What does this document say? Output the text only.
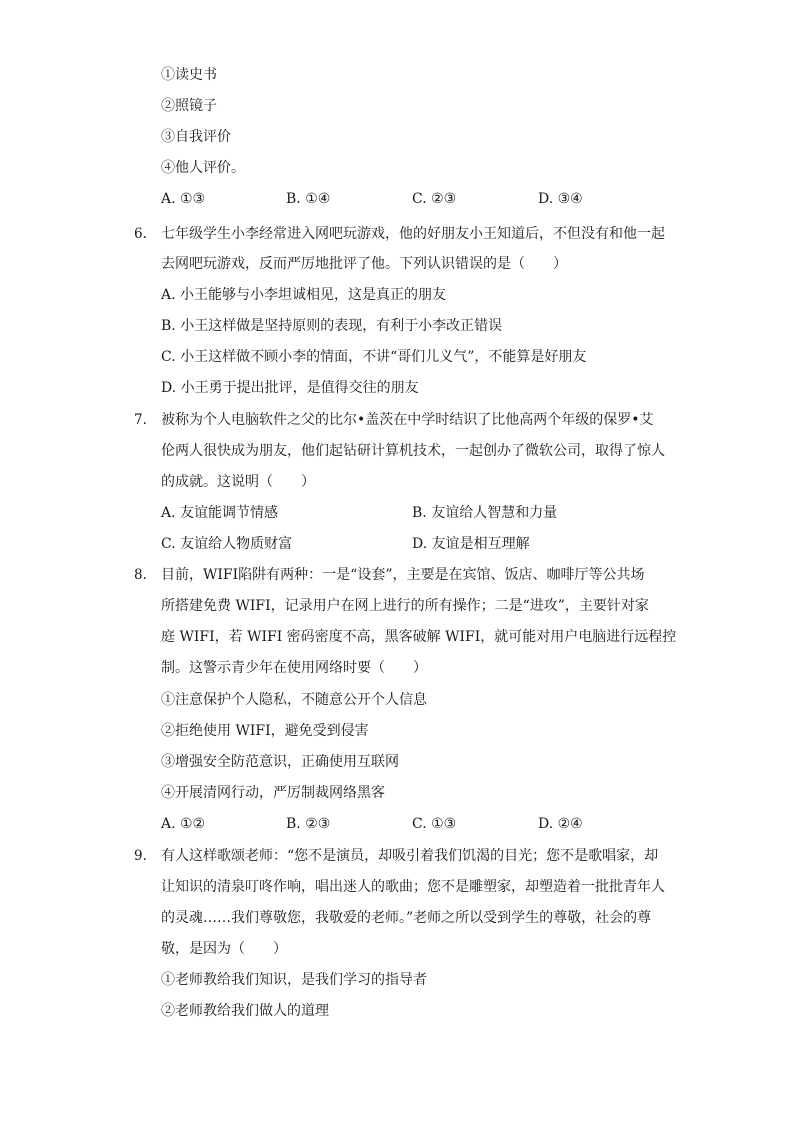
①读史书
②照镜子
③自我评价
④他人评价。
A. ①③	B. ①④	C. ②③	D. ③④
6. 七年级学生小李经常进入网吧玩游戏，他的好朋友小王知道后，不但没有和他一起
去网吧玩游戏，反而严厉地批评了他。下列认识错误的是（　　）
A. 小王能够与小李坦诚相见，这是真正的朋友
B. 小王这样做是坚持原则的表现，有利于小李改正错误
C. 小王这样做不顾小李的情面，不讲“哥们儿义气”，不能算是好朋友
D. 小王勇于提出批评，是值得交往的朋友
7. 被称为个人电脑软件之父的比尔•盖茨在中学时结识了比他高两个年级的保罗•艾
伦两人很快成为朋友，他们起钻研计算机技术，一起创办了微软公司，取得了惊人
的成就。这说明（　　）
A. 友谊能调节情感	B. 友谊给人智慧和力量
C. 友谊给人物质财富	D. 友谊是相互理解
8. 目前，WIFI陷阱有两种：一是“设套”，主要是在宾馆、饭店、咖啡厅等公共场
所搭建免费 WIFI，记录用户在网上进行的所有操作；二是“进攻”，主要针对家
庭 WIFI，若 WIFI 密码密度不高，黑客破解 WIFI，就可能对用户电脑进行远程控
制。这警示青少年在使用网络时要（　　）
①注意保护个人隐私，不随意公开个人信息
②拒绝使用 WIFI，避免受到侵害
③增强安全防范意识，正确使用互联网
④开展清网行动，严厉制裁网络黑客
A. ①②	B. ②③	C. ①③	D. ②④
9. 有人这样歌颂老师：“您不是演员，却吸引着我们饥渴的目光；您不是歌唱家，却
让知识的清泉叮咚作响，唱出迷人的歌曲；您不是雕塑家，却塑造着一批批青年人
的灵魂……我们尊敬您，我敬爱的老师。”老师之所以受到学生的尊敬，社会的尊
敬，是因为（　　）
①老师教给我们知识，是我们学习的指导者
②老师教给我们做人的道理
